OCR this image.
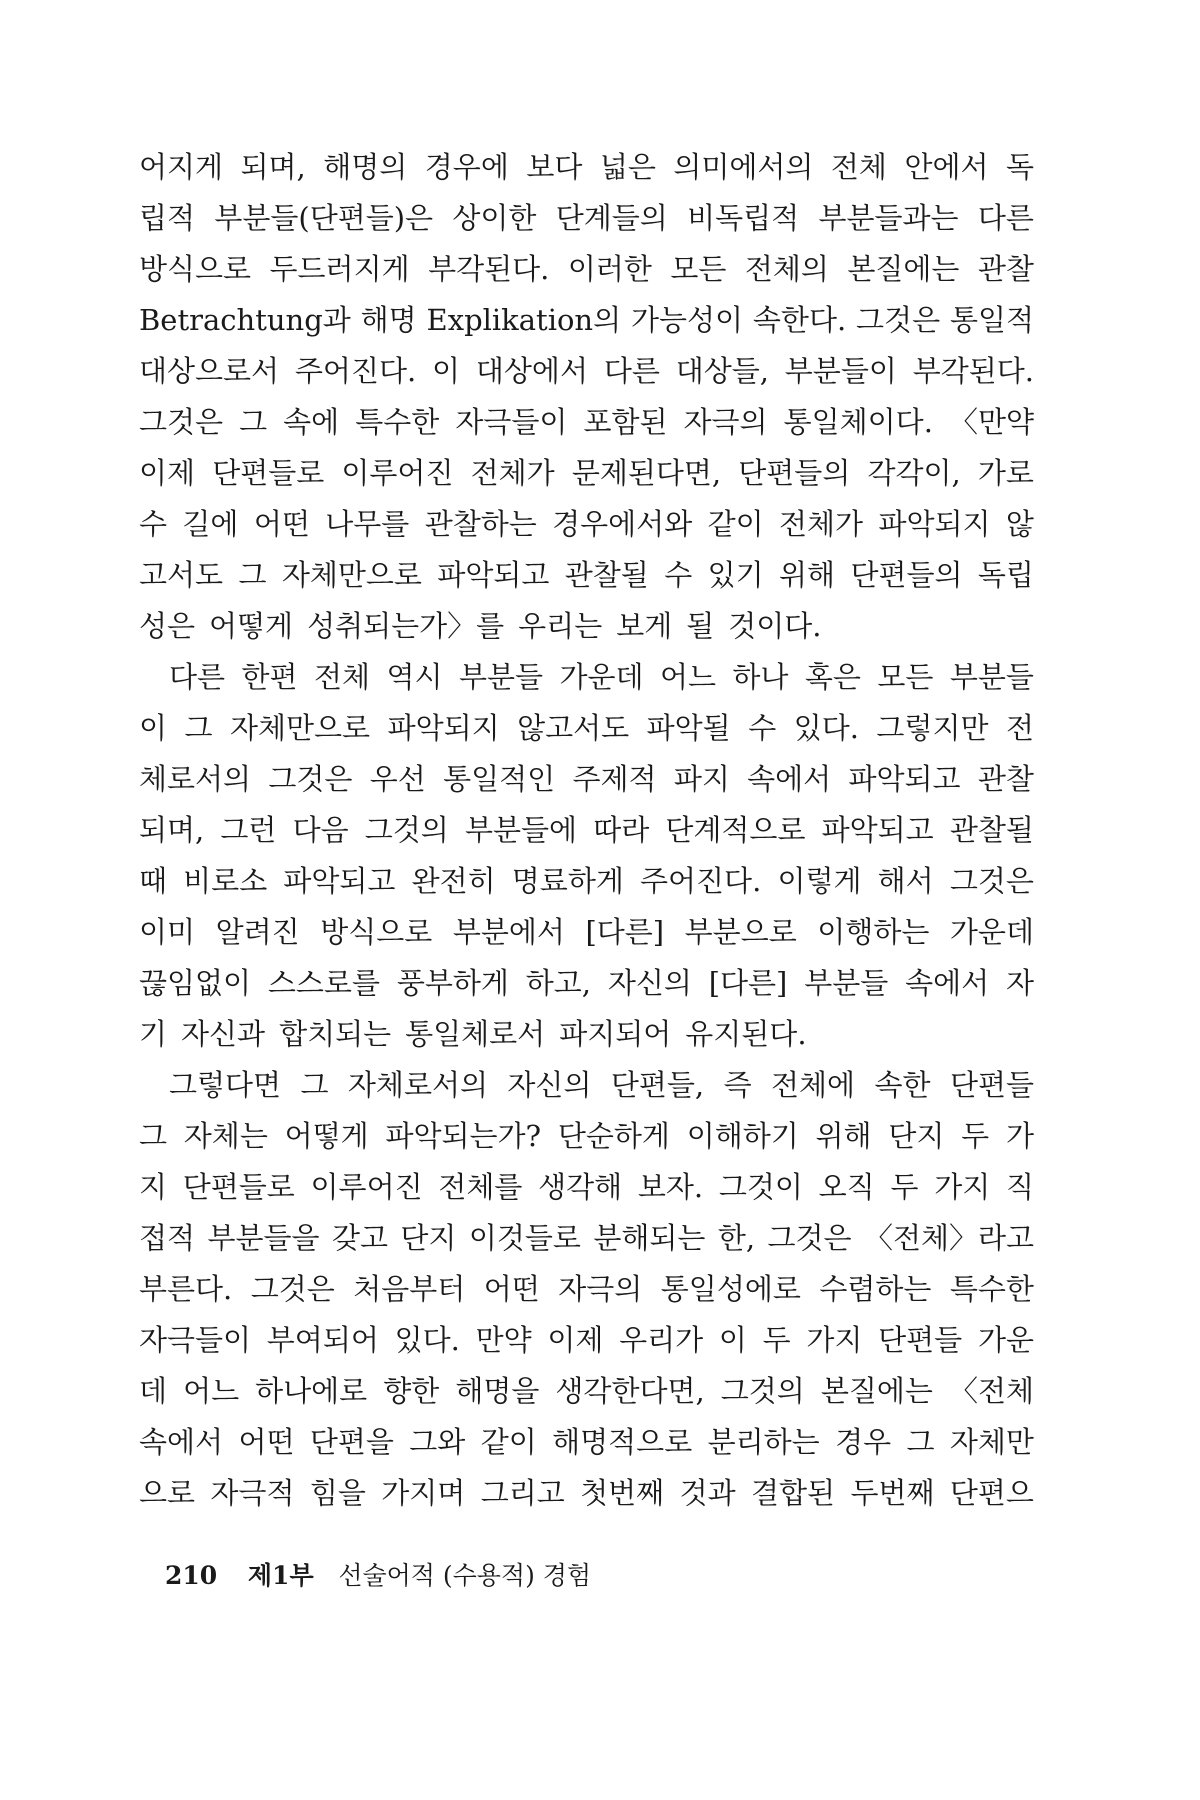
어지게 되며, 해명의 경우에 보다 넓은 의미에서의 전체 안에서 독
립적 부분들(단편들)은 상이한 단계들의 비독립적 부분들과는 다른
방식으로 두드러지게 부각된다. 이러한 모든 전체의 본질에는 관찰
Betrachtung과 해명 Explikation의 가능성이 속한다. 그것은 통일적
대상으로서 주어진다. 이 대상에서 다른 대상들, 부분들이 부각된다.
그것은 그 속에 특수한 자극들이 포함된 자극의 통일체이다. 〈만약
이제 단편들로 이루어진 전체가 문제된다면, 단편들의 각각이, 가로
수 길에 어떤 나무를 관찰하는 경우에서와 같이 전체가 파악되지 않
고서도 그 자체만으로 파악되고 관찰될 수 있기 위해 단편들의 독립
성은 어떻게 성취되는가〉를 우리는 보게 될 것이다.
다른 한편 전체 역시 부분들 가운데 어느 하나 혹은 모든 부분들
이 그 자체만으로 파악되지 않고서도 파악될 수 있다. 그렇지만 전
체로서의 그것은 우선 통일적인 주제적 파지 속에서 파악되고 관찰
되며, 그런 다음 그것의 부분들에 따라 단계적으로 파악되고 관찰될
때 비로소 파악되고 완전히 명료하게 주어진다. 이렇게 해서 그것은
이미 알려진 방식으로 부분에서 [다른] 부분으로 이행하는 가운데
끊임없이 스스로를 풍부하게 하고, 자신의 [다른] 부분들 속에서 자
기 자신과 합치되는 통일체로서 파지되어 유지된다.
그렇다면 그 자체로서의 자신의 단편들, 즉 전체에 속한 단편들
그 자체는 어떻게 파악되는가? 단순하게 이해하기 위해 단지 두 가
지 단편들로 이루어진 전체를 생각해 보자. 그것이 오직 두 가지 직
접적 부분들을 갖고 단지 이것들로 분해되는 한, 그것은 〈전체〉라고
부른다. 그것은 처음부터 어떤 자극의 통일성에로 수렴하는 특수한
자극들이 부여되어 있다. 만약 이제 우리가 이 두 가지 단편들 가운
데 어느 하나에로 향한 해명을 생각한다면, 그것의 본질에는 〈전체
속에서 어떤 단편을 그와 같이 해명적으로 분리하는 경우 그 자체만
으로 자극적 힘을 가지며 그리고 첫번째 것과 결합된 두번째 단편으
210 제1부 선술어적 (수용적) 경험
